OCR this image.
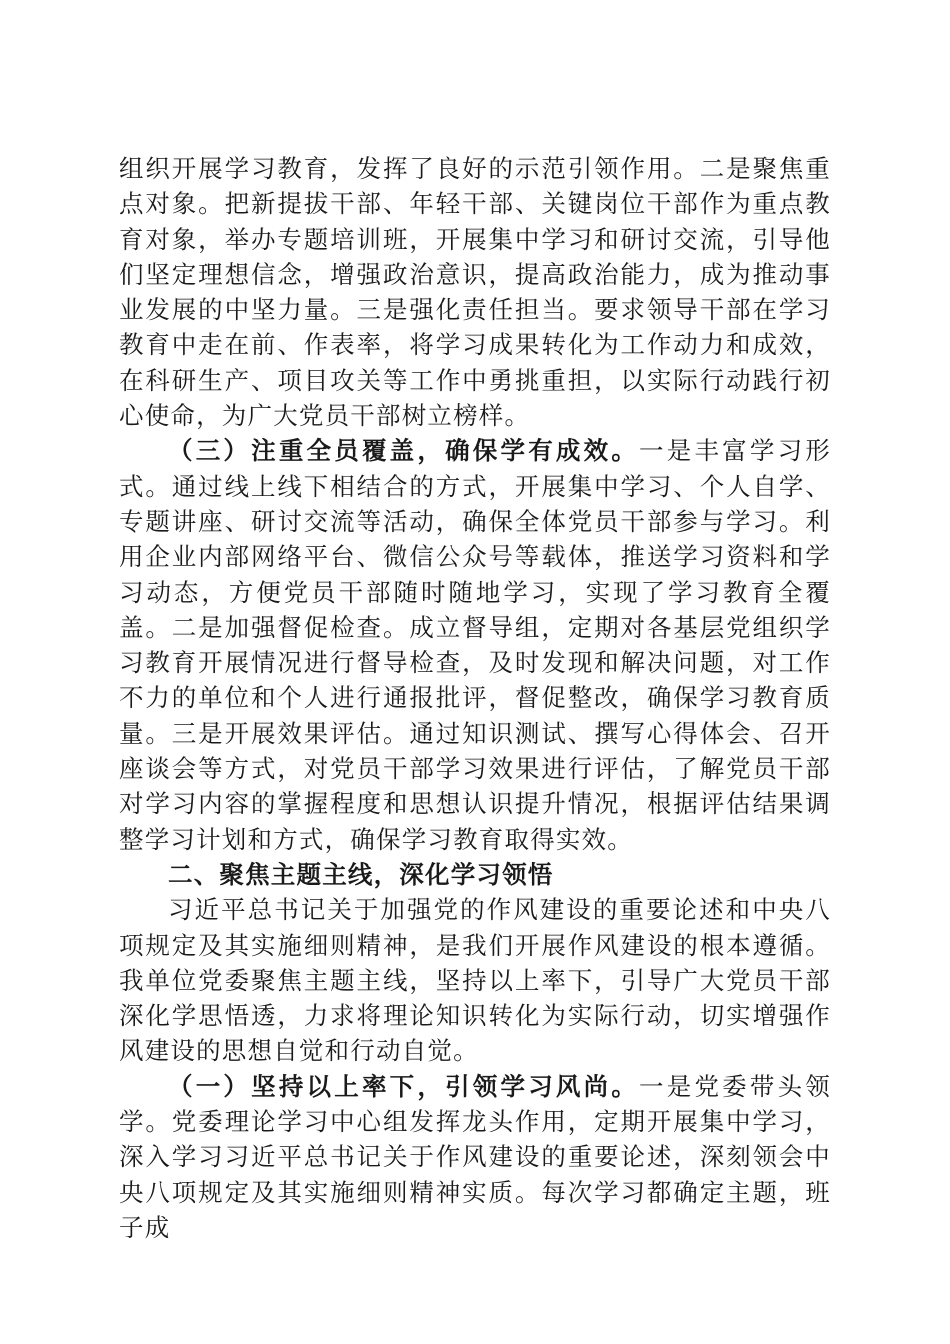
组织开展学习教育，发挥了良好的示范引领作用。二是聚焦重点对象。把新提拔干部、年轻干部、关键岗位干部作为重点教育对象，举办专题培训班，开展集中学习和研讨交流，引导他们坚定理想信念，增强政治意识，提高政治能力，成为推动事业发展的中坚力量。三是强化责任担当。要求领导干部在学习教育中走在前、作表率，将学习成果转化为工作动力和成效，在科研生产、项目攻关等工作中勇挑重担，以实际行动践行初心使命，为广大党员干部树立榜样。

（三）注重全员覆盖，确保学有成效。一是丰富学习形式。通过线上线下相结合的方式，开展集中学习、个人自学、专题讲座、研讨交流等活动，确保全体党员干部参与学习。利用企业内部网络平台、微信公众号等载体，推送学习资料和学习动态，方便党员干部随时随地学习，实现了学习教育全覆盖。二是加强督促检查。成立督导组，定期对各基层党组织学习教育开展情况进行督导检查，及时发现和解决问题，对工作不力的单位和个人进行通报批评，督促整改，确保学习教育质量。三是开展效果评估。通过知识测试、撰写心得体会、召开座谈会等方式，对党员干部学习效果进行评估，了解党员干部对学习内容的掌握程度和思想认识提升情况，根据评估结果调整学习计划和方式，确保学习教育取得实效。

二、聚焦主题主线，深化学习领悟

习近平总书记关于加强党的作风建设的重要论述和中央八项规定及其实施细则精神，是我们开展作风建设的根本遵循。我单位党委聚焦主题主线，坚持以上率下，引导广大党员干部深化学思悟透，力求将理论知识转化为实际行动，切实增强作风建设的思想自觉和行动自觉。

（一）坚持以上率下，引领学习风尚。一是党委带头领学。党委理论学习中心组发挥龙头作用，定期开展集中学习，深入学习习近平总书记关于作风建设的重要论述，深刻领会中央八项规定及其实施细则精神实质。每次学习都确定主题，班子成
